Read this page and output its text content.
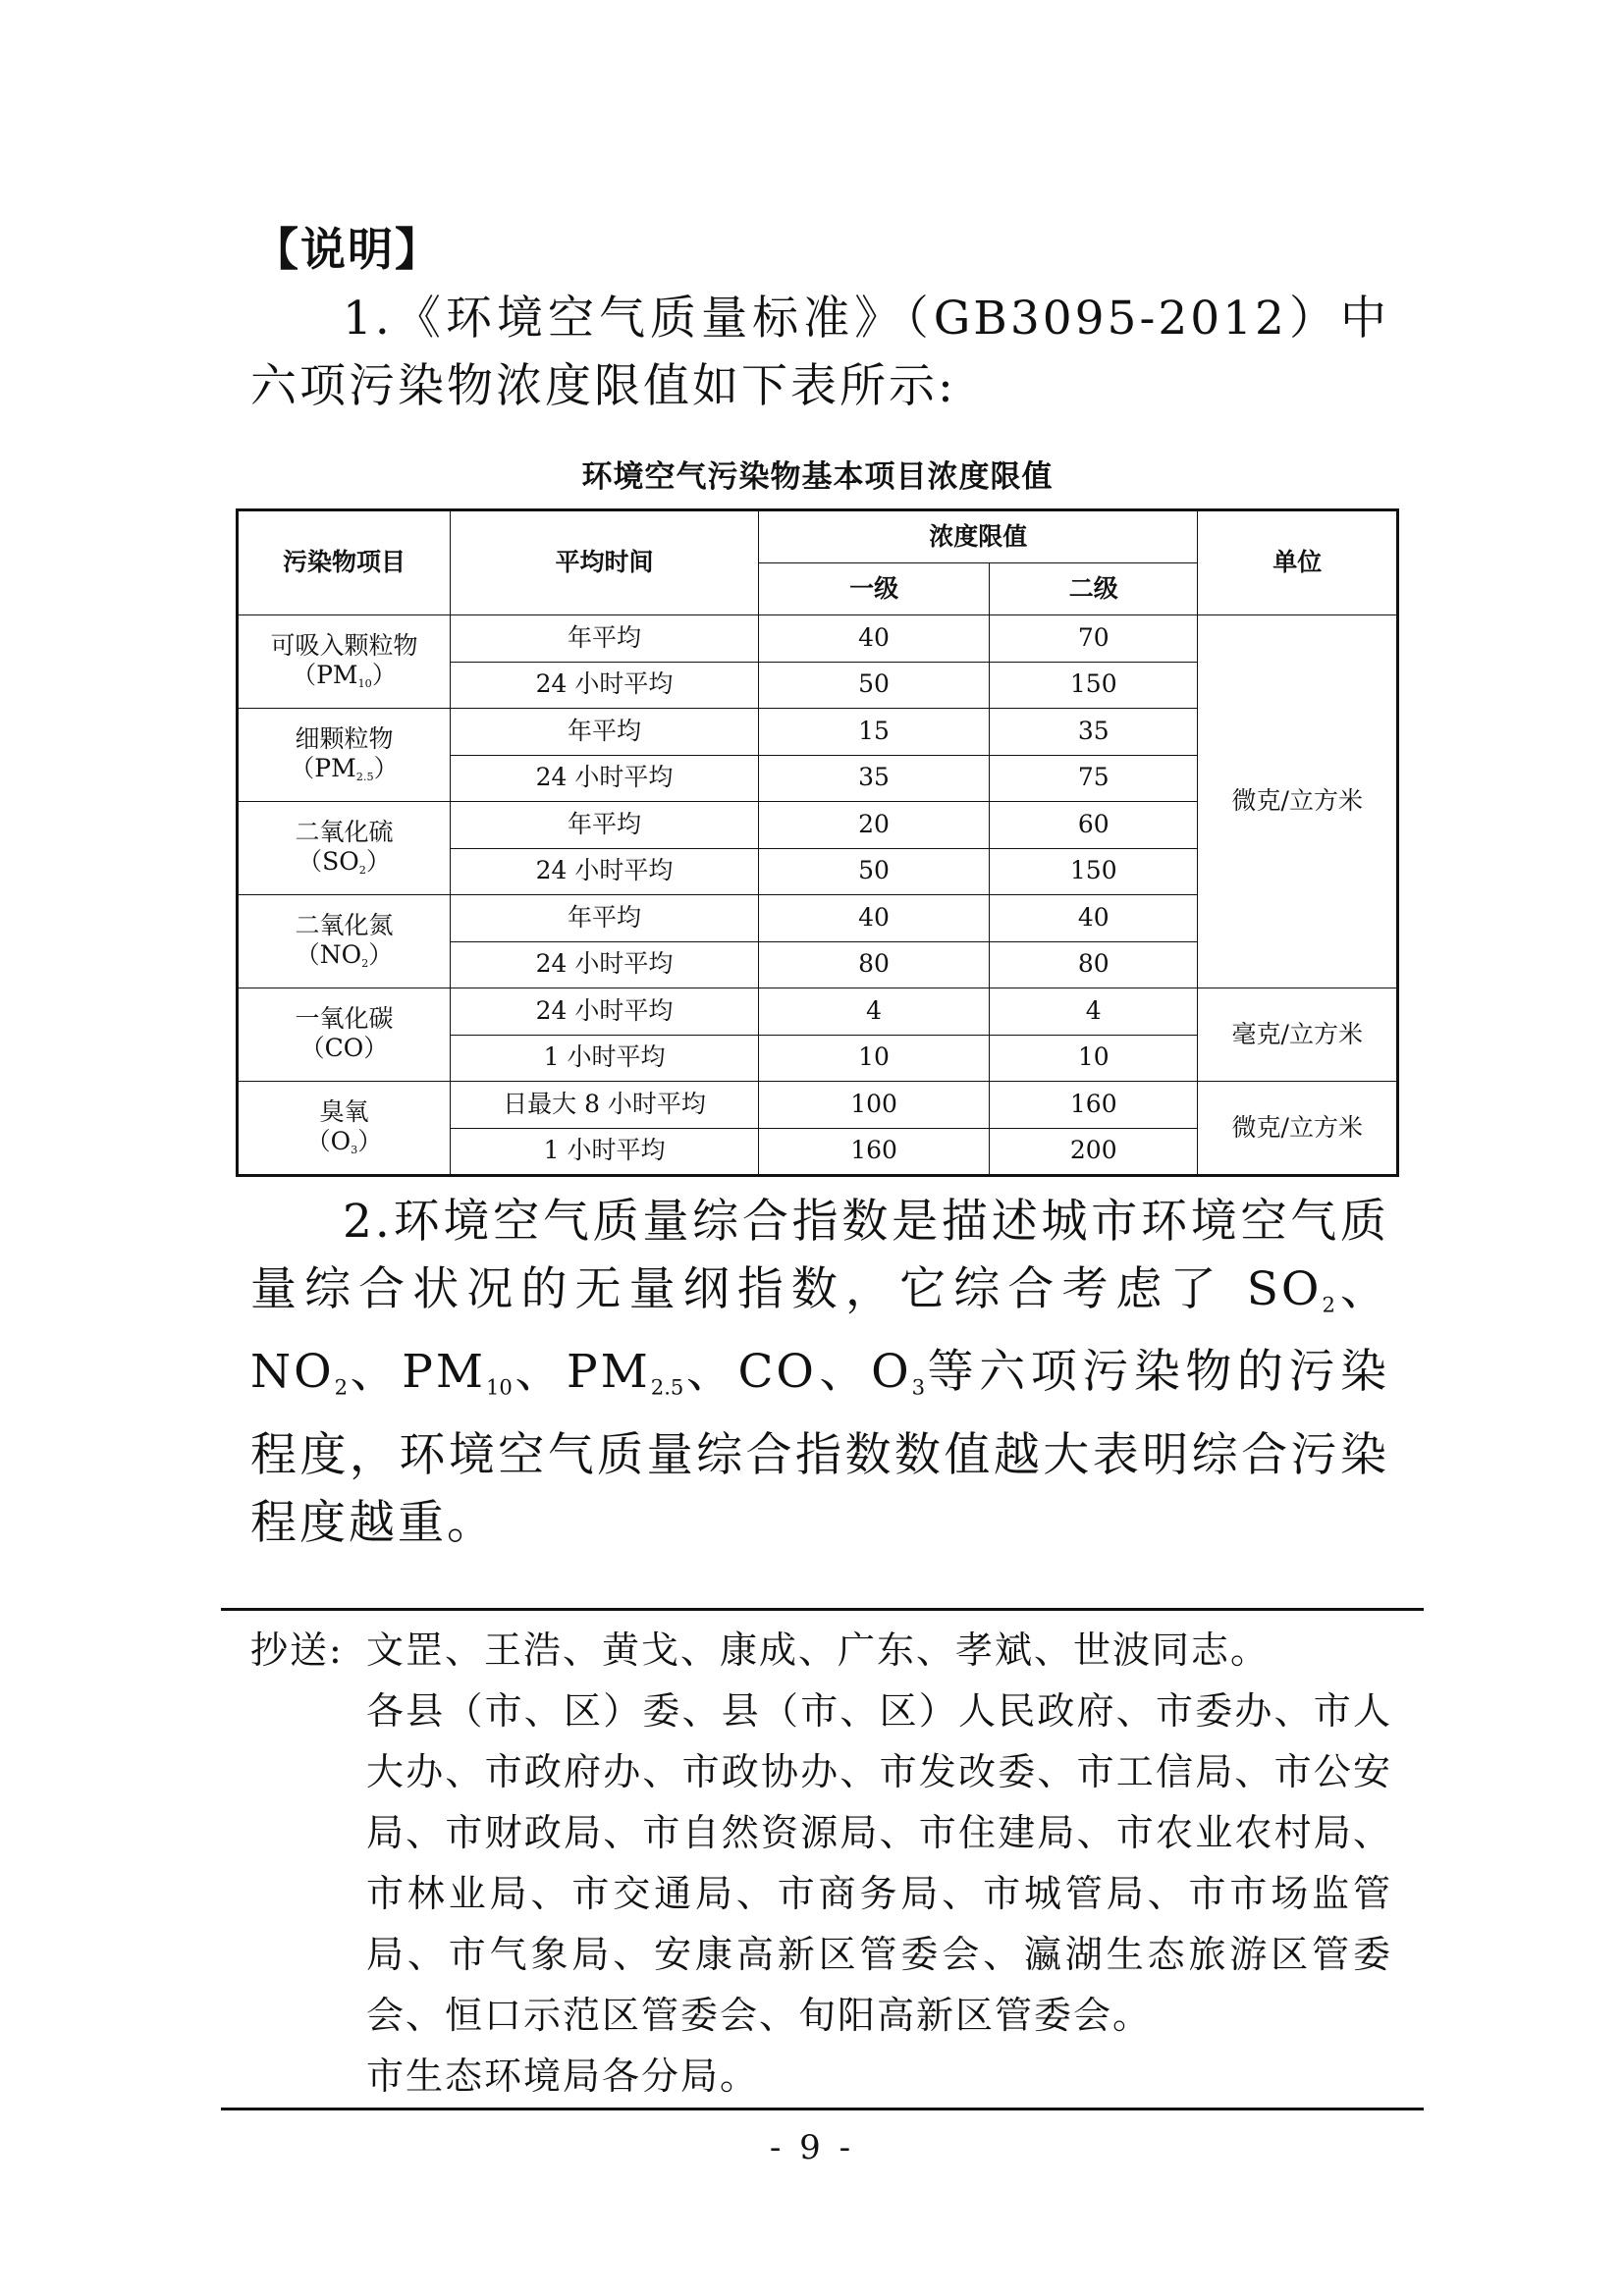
【说明】
1.《环境空气质量标准》（GB3095-2012）中六项污染物浓度限值如下表所示:
环境空气污染物基本项目浓度限值
污染物项目	平均时间	浓度限值		单位
		一级	二级	

可吸入颗粒物
$(PM_{10})$	年平均	40	70	微克/立方米
	24 小时平均	50	150	

细颗粒物
$(PM_{2.5})$	年平均	15	35	
	24 小时平均	35	75	

二氧化硫
$(SO_2)$	年平均	20	60	
	24 小时平均	50	150	

二氧化氮
$(NO_2)$	年平均	40	40	
	24 小时平均	80	80	

一氧化碳
（CO）	24 小时平均	4	4	毫克/立方米
	1 小时平均	10	10	

臭氧
$(O_3)$	日最大 8 小时平均	100	160	微克/立方米
	1 小时平均	160	200	
2.环境空气质量综合指数是描述城市环境空气质量综合状况的无量纲指数，它综合考虑了 $SO_2$、$NO_2$、$PM_{10}$、$PM_{2.5}$、CO、$O_3$等六项污染物的污染程度，环境空气质量综合指数数值越大表明综合污染程度越重。
抄送: 文罡、王浩、黄戈、康成、广东、孝斌、世波同志。
各县（市、区）委、县（市、区）人民政府、市委办、市人大办、市政府办、市政协办、市发改委、市工信局、市公安局、市财政局、市自然资源局、市住建局、市农业农村局、市林业局、市交通局、市商务局、市城管局、市市场监管局、市气象局、安康高新区管委会、瀛湖生态旅游区管委会、恒口示范区管委会、旬阳高新区管委会。
市生态环境局各分局。
- 9 -
